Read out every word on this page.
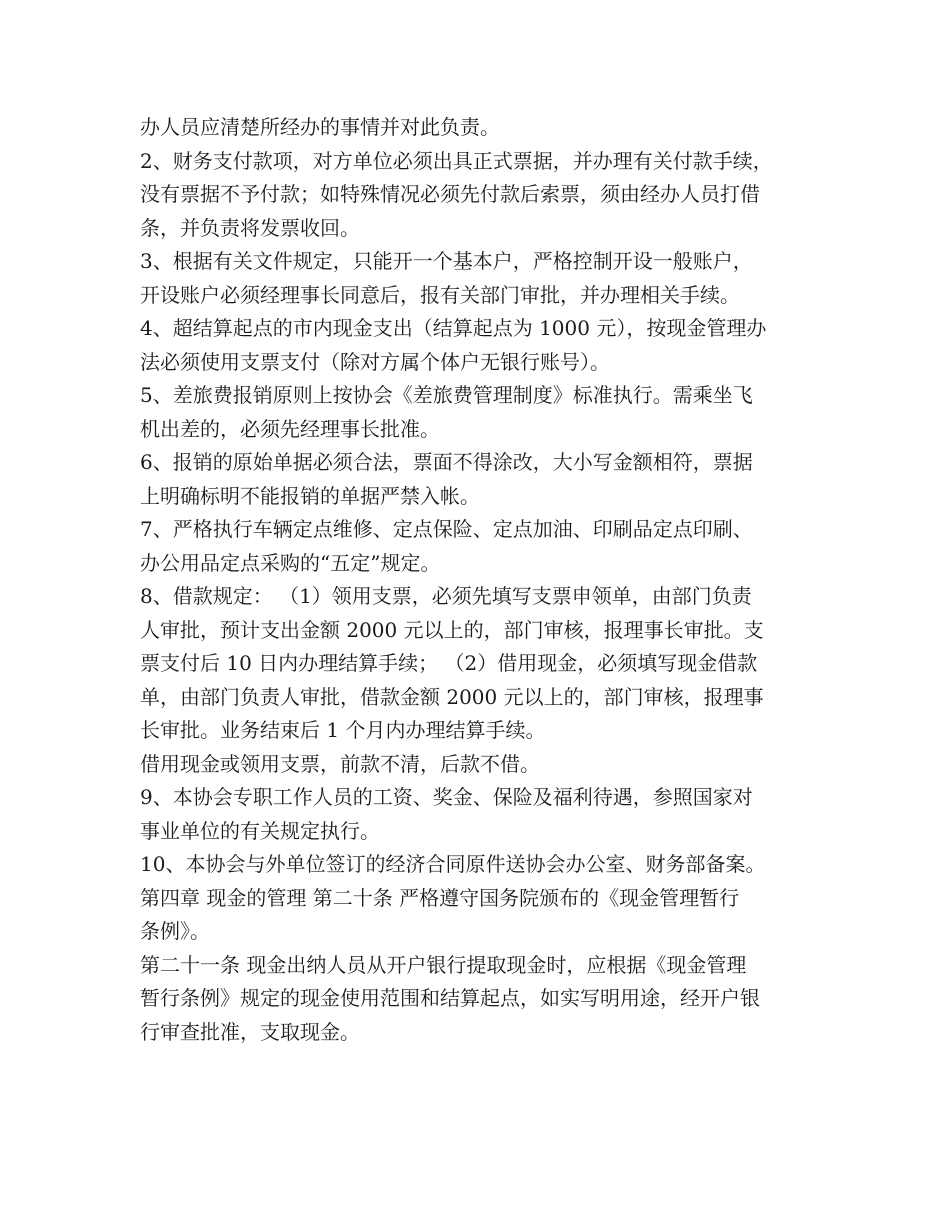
办人员应清楚所经办的事情并对此负责。
2、财务支付款项，对方单位必须出具正式票据，并办理有关付款手续，
没有票据不予付款；如特殊情况必须先付款后索票，须由经办人员打借
条，并负责将发票收回。
3、根据有关文件规定，只能开一个基本户，严格控制开设一般账户，
开设账户必须经理事长同意后，报有关部门审批，并办理相关手续。
4、超结算起点的市内现金支出（结算起点为 1000 元），按现金管理办
法必须使用支票支付（除对方属个体户无银行账号）。
5、差旅费报销原则上按协会《差旅费管理制度》标准执行。需乘坐飞
机出差的，必须先经理事长批准。
6、报销的原始单据必须合法，票面不得涂改，大小写金额相符，票据
上明确标明不能报销的单据严禁入帐。
7、严格执行车辆定点维修、定点保险、定点加油、印刷品定点印刷、
办公用品定点采购的“五定”规定。
8、借款规定： （1）领用支票，必须先填写支票申领单，由部门负责
人审批，预计支出金额 2000 元以上的，部门审核，报理事长审批。支
票支付后 10 日内办理结算手续； （2）借用现金，必须填写现金借款
单，由部门负责人审批，借款金额 2000 元以上的，部门审核，报理事
长审批。业务结束后 1 个月内办理结算手续。
借用现金或领用支票，前款不清，后款不借。
9、本协会专职工作人员的工资、奖金、保险及福利待遇，参照国家对
事业单位的有关规定执行。
10、本协会与外单位签订的经济合同原件送协会办公室、财务部备案。
第四章 现金的管理 第二十条 严格遵守国务院颁布的《现金管理暂行
条例》。
第二十一条 现金出纳人员从开户银行提取现金时，应根据《现金管理
暂行条例》规定的现金使用范围和结算起点，如实写明用途，经开户银
行审查批准，支取现金。
